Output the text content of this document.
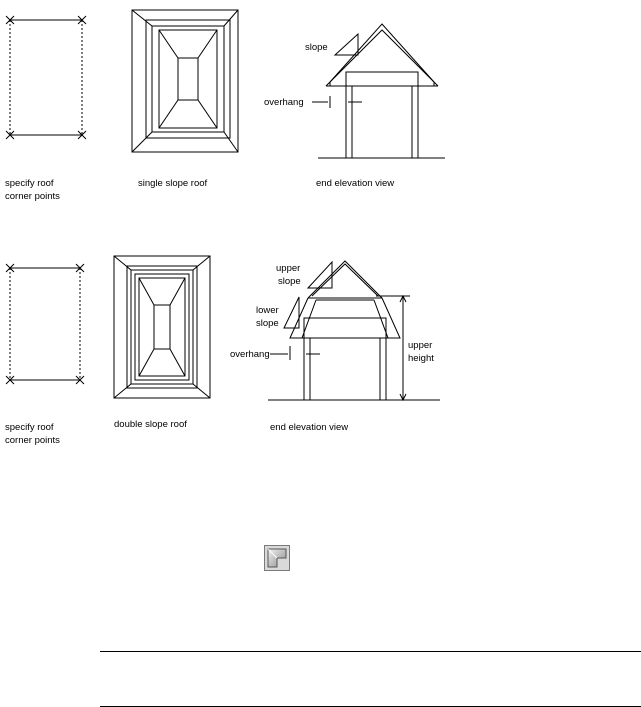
specify roof
corner points
single slope roof
slope
overhang
end elevation view
specify roof
corner points
double slope roof
upper
slope
lower
slope
overhang
upper
height
end elevation view
